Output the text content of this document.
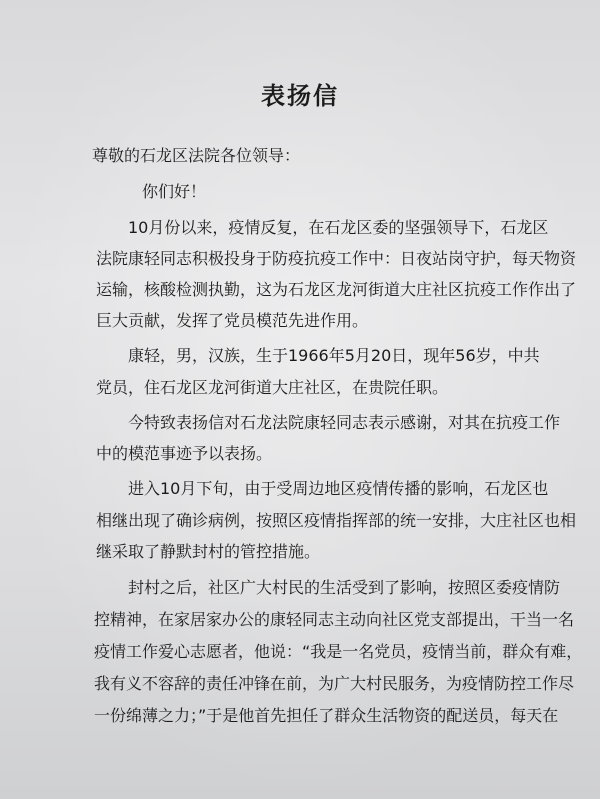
表扬信
尊敬的石龙区法院各位领导：
你们好！
10月份以来，疫情反复，在石龙区委的坚强领导下，石龙区
法院康轻同志积极投身于防疫抗疫工作中：日夜站岗守护，每天物资
运输，核酸检测执勤，这为石龙区龙河街道大庄社区抗疫工作作出了
巨大贡献，发挥了党员模范先进作用。
康轻，男，汉族，生于1966年5月20日，现年56岁，中共
党员，住石龙区龙河街道大庄社区，在贵院任职。
今特致表扬信对石龙法院康轻同志表示感谢，对其在抗疫工作
中的模范事迹予以表扬。
进入10月下旬，由于受周边地区疫情传播的影响，石龙区也
相继出现了确诊病例，按照区疫情指挥部的统一安排，大庄社区也相
继采取了静默封村的管控措施。
封村之后，社区广大村民的生活受到了影响，按照区委疫情防
控精神，在家居家办公的康轻同志主动向社区党支部提出，干当一名
疫情工作爱心志愿者，他说：“我是一名党员，疫情当前，群众有难，
我有义不容辞的责任冲锋在前，为广大村民服务，为疫情防控工作尽
一份绵薄之力；”于是他首先担任了群众生活物资的配送员，每天在
